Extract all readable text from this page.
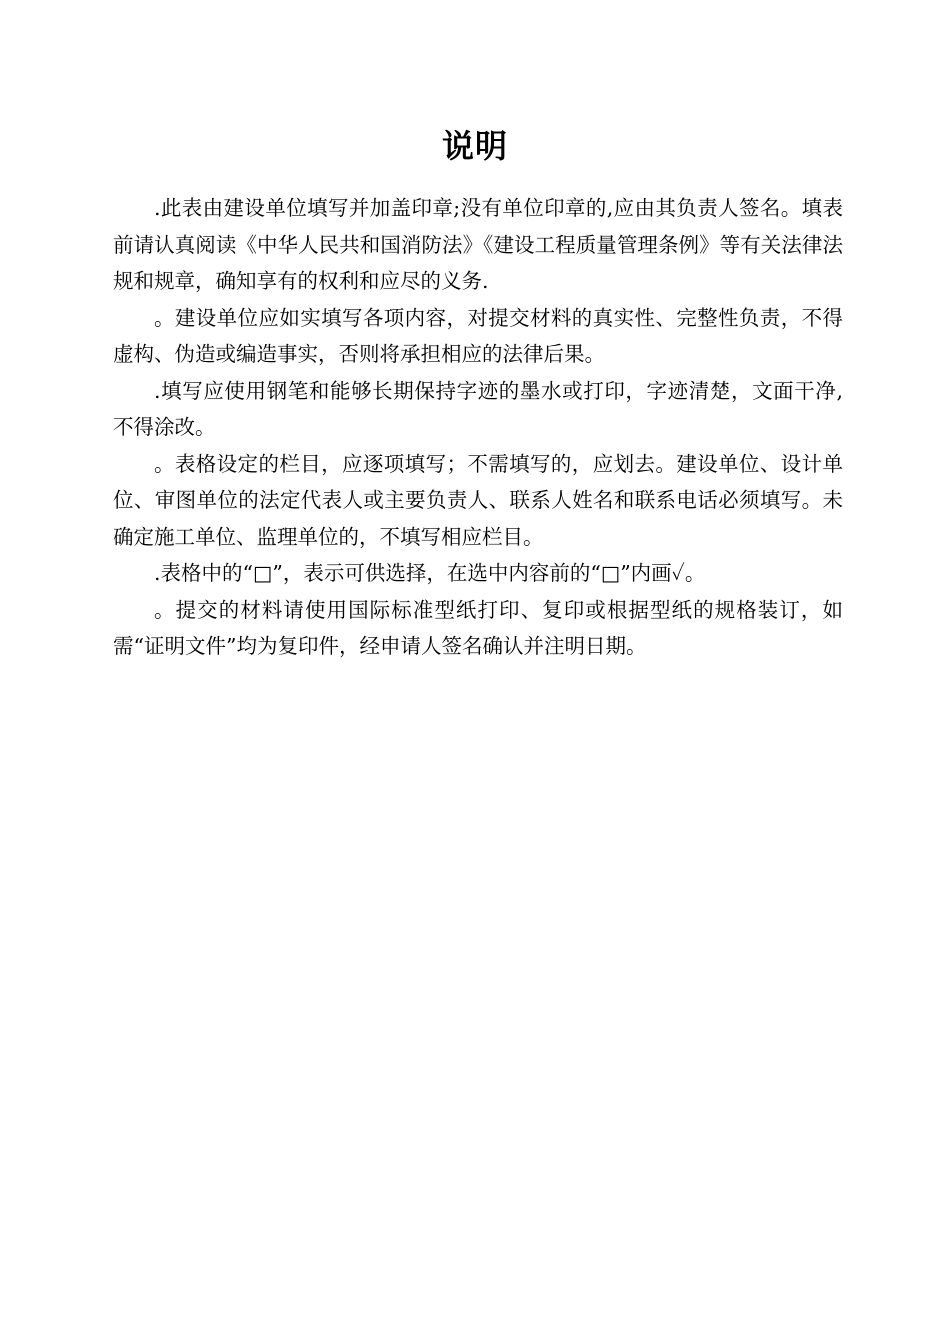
说明

.此表由建设单位填写并加盖印章;没有单位印章的,应由其负责人签名。填表前请认真阅读《中华人民共和国消防法》《建设工程质量管理条例》等有关法律法规和规章，确知享有的权利和应尽的义务.

。建设单位应如实填写各项内容，对提交材料的真实性、完整性负责，不得虚构、伪造或编造事实，否则将承担相应的法律后果。

.填写应使用钢笔和能够长期保持字迹的墨水或打印，字迹清楚，文面干净,不得涂改。

。表格设定的栏目，应逐项填写；不需填写的，应划去。建设单位、设计单位、审图单位的法定代表人或主要负责人、联系人姓名和联系电话必须填写。未确定施工单位、监理单位的，不填写相应栏目。

.表格中的“□”，表示可供选择，在选中内容前的“□”内画✓。

。提交的材料请使用国际标准型纸打印、复印或根据型纸的规格装订，如需“证明文件”均为复印件，经申请人签名确认并注明日期。
